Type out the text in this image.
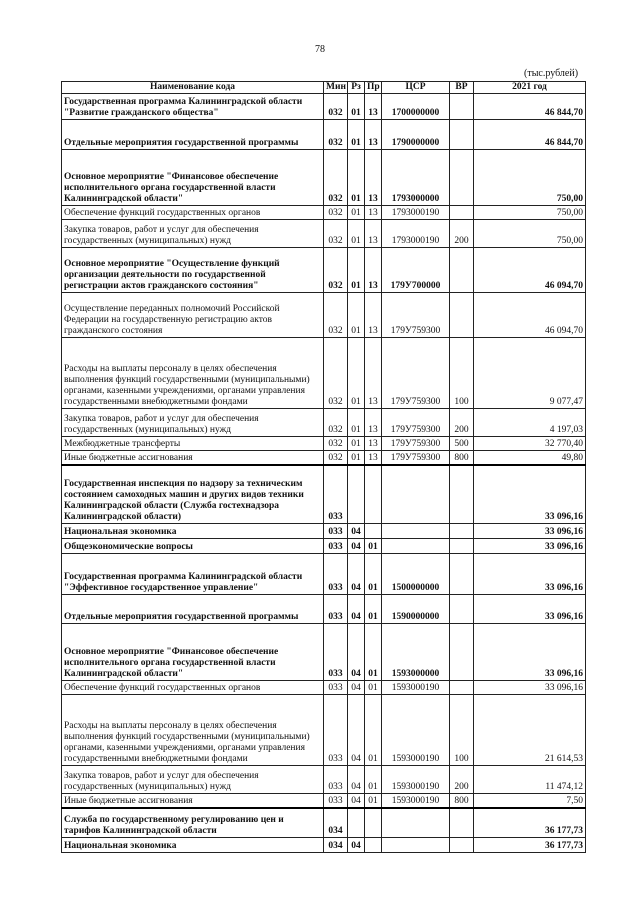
78
(тыс.рублей)
Наименование кода	Мин	Рз	Пр	ЦСР	ВР	2021 год
Государственная программа Калининградской области "Развитие гражданского общества"	032	01	13	1700000000		46 844,70
Отдельные мероприятия государственной программы	032	01	13	1790000000		46 844,70
Основное мероприятие "Финансовое обеспечение исполнительного органа государственной власти Калининградской области"	032	01	13	1793000000		750,00
Обеспечение функций государственных органов	032	01	13	1793000190		750,00
Закупка товаров, работ и услуг для обеспечения государственных (муниципальных) нужд	032	01	13	1793000190	200	750,00
Основное мероприятие "Осуществление функций организации деятельности по государственной регистрации актов гражданского состояния"	032	01	13	179У700000		46 094,70
Осуществление переданных полномочий Российской Федерации на государственную регистрацию актов гражданского состояния	032	01	13	179У759300		46 094,70
Расходы на выплаты персоналу в целях обеспечения выполнения функций государственными (муниципальными) органами, казенными учреждениями, органами управления государственными внебюджетными фондами	032	01	13	179У759300	100	9 077,47
Закупка товаров, работ и услуг для обеспечения государственных (муниципальных) нужд	032	01	13	179У759300	200	4 197,03
Межбюджетные трансферты	032	01	13	179У759300	500	32 770,40
Иные бюджетные ассигнования	032	01	13	179У759300	800	49,80
Государственная инспекция по надзору за техническим состоянием самоходных машин и других видов техники Калининградской области (Служба гостехнадзора Калининградской области)	033					33 096,16
Национальная экономика	033	04				33 096,16
Общеэкономические вопросы	033	04	01			33 096,16
Государственная программа Калининградской области "Эффективное государственное управление"	033	04	01	1500000000		33 096,16
Отдельные мероприятия государственной программы	033	04	01	1590000000		33 096,16
Основное мероприятие "Финансовое обеспечение исполнительного органа государственной власти Калининградской области"	033	04	01	1593000000		33 096,16
Обеспечение функций государственных органов	033	04	01	1593000190		33 096,16
Расходы на выплаты персоналу в целях обеспечения выполнения функций государственными (муниципальными) органами, казенными учреждениями, органами управления государственными внебюджетными фондами	033	04	01	1593000190	100	21 614,53
Закупка товаров, работ и услуг для обеспечения государственных (муниципальных) нужд	033	04	01	1593000190	200	11 474,12
Иные бюджетные ассигнования	033	04	01	1593000190	800	7,50
Служба по государственному регулированию цен и тарифов Калининградской области	034					36 177,73
Национальная экономика	034	04				36 177,73
